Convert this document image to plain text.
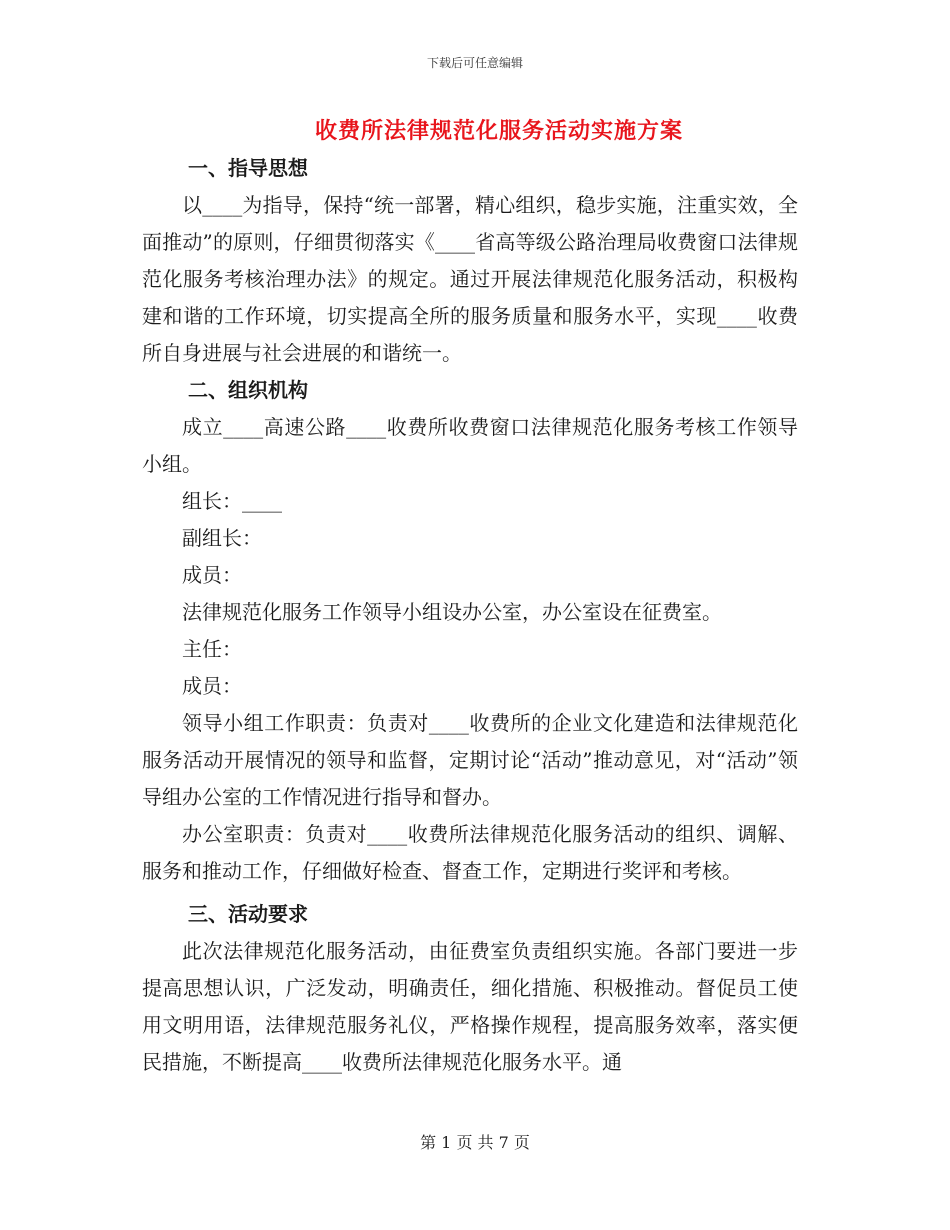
下载后可任意编辑
收费所法律规范化服务活动实施方案
一、指导思想

以____为指导，保持“统一部署，精心组织，稳步实施，注重实效，全面推动”的原则，仔细贯彻落实《____省高等级公路治理局收费窗口法律规范化服务考核治理办法》的规定。通过开展法律规范化服务活动，积极构建和谐的工作环境，切实提高全所的服务质量和服务水平，实现____收费所自身进展与社会进展的和谐统一。

二、组织机构

成立____高速公路____收费所收费窗口法律规范化服务考核工作领导小组。

组长：____

副组长：

成员：

法律规范化服务工作领导小组设办公室，办公室设在征费室。

主任：

成员：

领导小组工作职责：负责对____收费所的企业文化建造和法律规范化服务活动开展情况的领导和监督，定期讨论“活动”推动意见，对“活动”领导组办公室的工作情况进行指导和督办。

办公室职责：负责对____收费所法律规范化服务活动的组织、调解、服务和推动工作，仔细做好检查、督查工作，定期进行奖评和考核。

三、活动要求

此次法律规范化服务活动，由征费室负责组织实施。各部门要进一步提高思想认识，广泛发动，明确责任，细化措施、积极推动。督促员工使用文明用语，法律规范服务礼仪，严格操作规程，提高服务效率，落实便民措施，不断提高____收费所法律规范化服务水平。通

第 1 页 共 7 页
